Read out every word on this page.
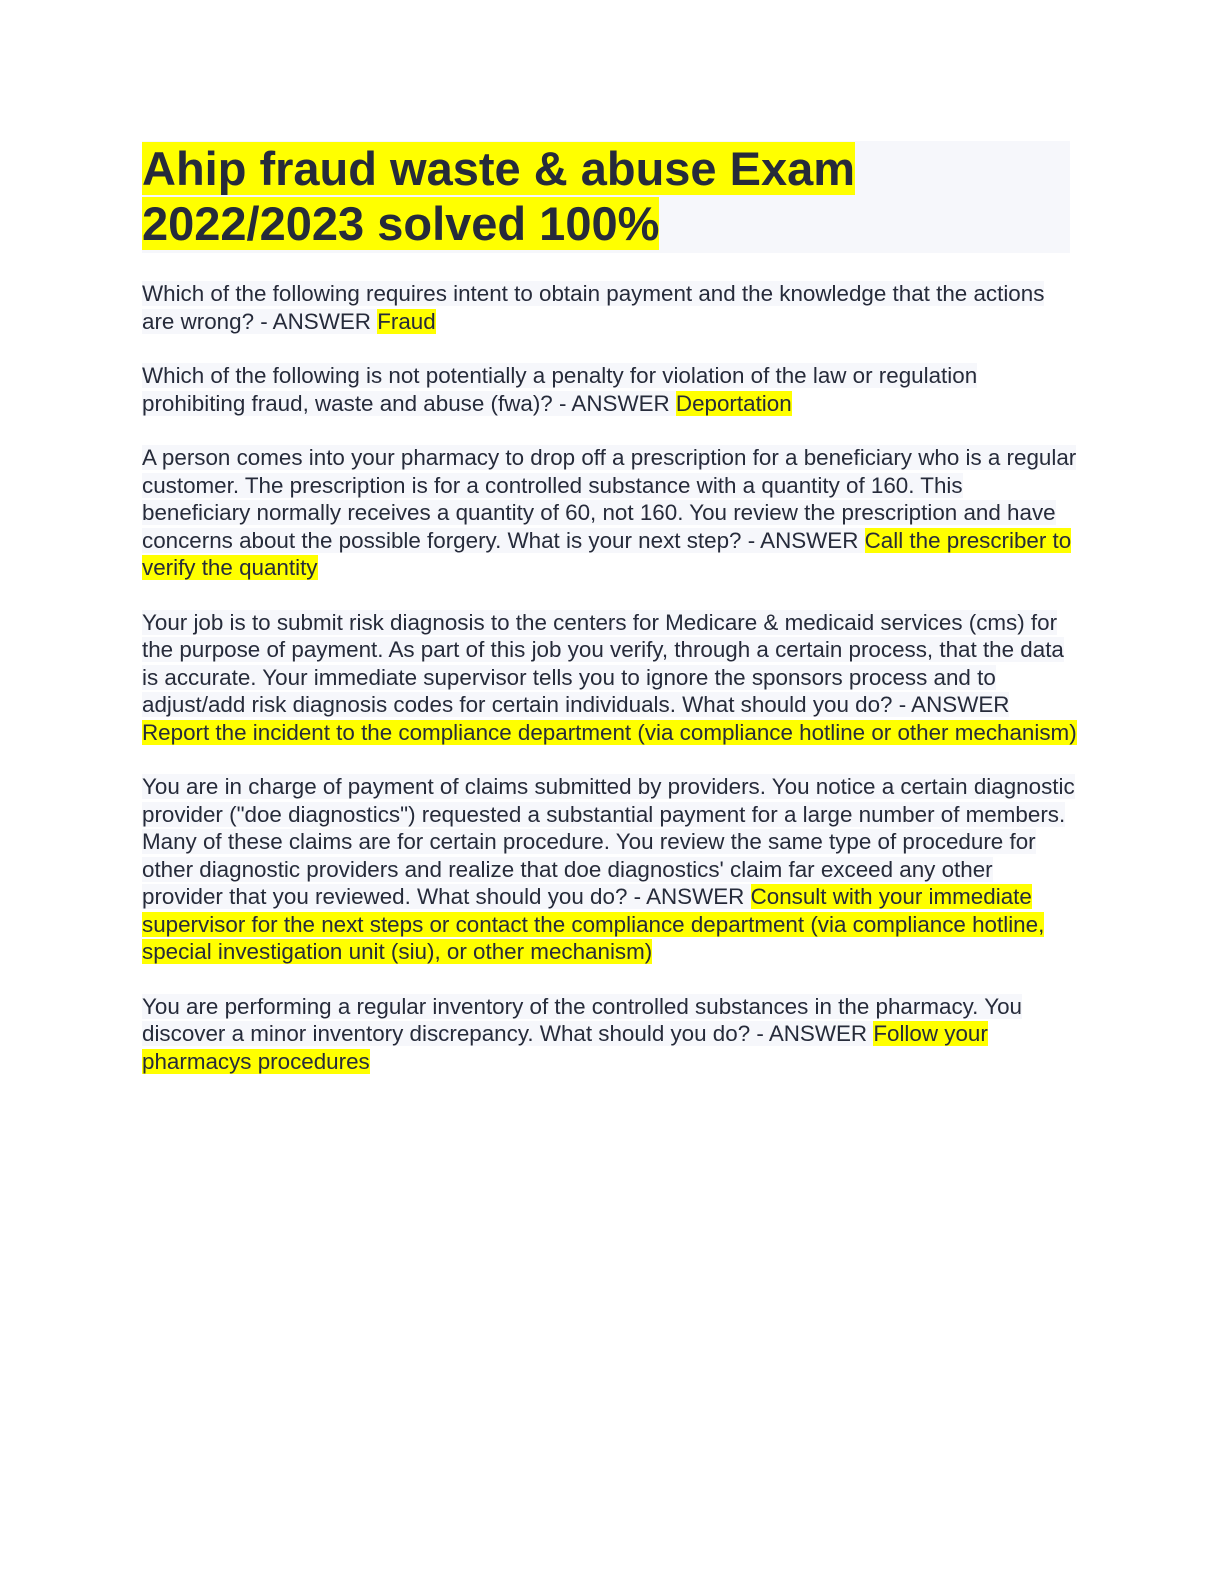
Ahip fraud waste & abuse Exam 2022/2023 solved 100%

Which of the following requires intent to obtain payment and the knowledge that the actions are wrong? - ANSWER Fraud

Which of the following is not potentially a penalty for violation of the law or regulation prohibiting fraud, waste and abuse (fwa)? - ANSWER Deportation

A person comes into your pharmacy to drop off a prescription for a beneficiary who is a regular customer. The prescription is for a controlled substance with a quantity of 160. This beneficiary normally receives a quantity of 60, not 160. You review the prescription and have concerns about the possible forgery. What is your next step? - ANSWER Call the prescriber to verify the quantity

Your job is to submit risk diagnosis to the centers for Medicare & medicaid services (cms) for the purpose of payment. As part of this job you verify, through a certain process, that the data is accurate. Your immediate supervisor tells you to ignore the sponsors process and to adjust/add risk diagnosis codes for certain individuals. What should you do? - ANSWER Report the incident to the compliance department (via compliance hotline or other mechanism)

You are in charge of payment of claims submitted by providers. You notice a certain diagnostic provider ("doe diagnostics") requested a substantial payment for a large number of members. Many of these claims are for certain procedure. You review the same type of procedure for other diagnostic providers and realize that doe diagnostics' claim far exceed any other provider that you reviewed. What should you do? - ANSWER Consult with your immediate supervisor for the next steps or contact the compliance department (via compliance hotline, special investigation unit (siu), or other mechanism)

You are performing a regular inventory of the controlled substances in the pharmacy. You discover a minor inventory discrepancy. What should you do? - ANSWER Follow your pharmacys procedures
